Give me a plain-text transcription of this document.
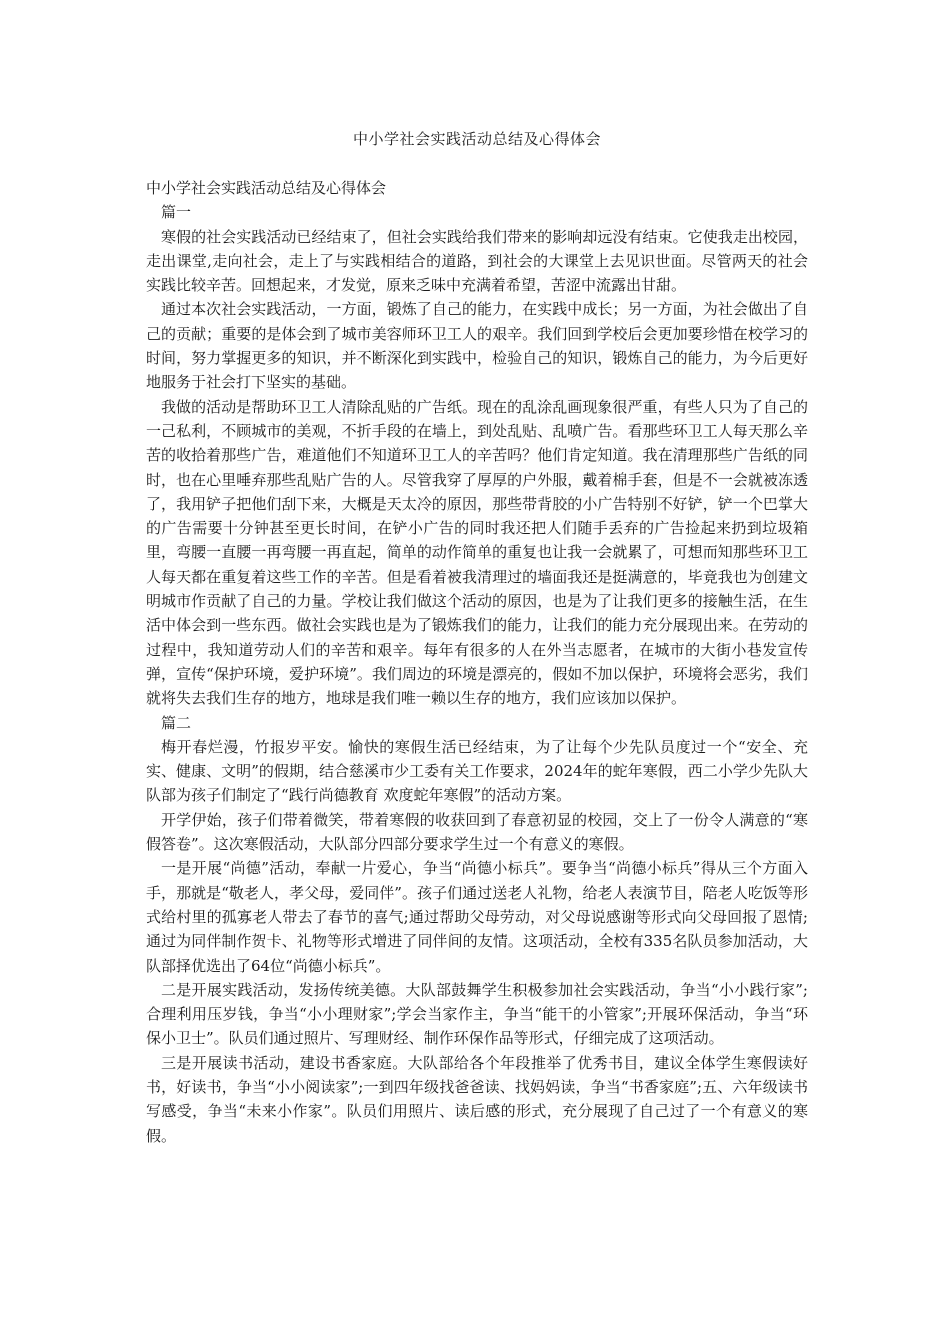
中小学社会实践活动总结及心得体会

中小学社会实践活动总结及心得体会

篇一

寒假的社会实践活动已经结束了，但社会实践给我们带来的影响却远没有结束。它使我走出校园，走出课堂,走向社会，走上了与实践相结合的道路，到社会的大课堂上去见识世面。尽管两天的社会实践比较辛苦。回想起来，才发觉，原来乏味中充满着希望，苦涩中流露出甘甜。

通过本次社会实践活动，一方面，锻炼了自己的能力，在实践中成长；另一方面，为社会做出了自己的贡献；重要的是体会到了城市美容师环卫工人的艰辛。我们回到学校后会更加要珍惜在校学习的时间，努力掌握更多的知识，并不断深化到实践中，检验自己的知识，锻炼自己的能力，为今后更好地服务于社会打下坚实的基础。

我做的活动是帮助环卫工人清除乱贴的广告纸。现在的乱涂乱画现象很严重，有些人只为了自己的一己私利，不顾城市的美观，不折手段的在墙上，到处乱贴、乱喷广告。看那些环卫工人每天那么辛苦的收拾着那些广告，难道他们不知道环卫工人的辛苦吗？他们肯定知道。我在清理那些广告纸的同时，也在心里唾弃那些乱贴广告的人。尽管我穿了厚厚的户外服，戴着棉手套，但是不一会就被冻透了，我用铲子把他们刮下来，大概是天太冷的原因，那些带背胶的小广告特别不好铲，铲一个巴掌大的广告需要十分钟甚至更长时间，在铲小广告的同时我还把人们随手丢弃的广告捡起来扔到垃圾箱里，弯腰一直腰一再弯腰一再直起，简单的动作简单的重复也让我一会就累了，可想而知那些环卫工人每天都在重复着这些工作的辛苦。但是看着被我清理过的墙面我还是挺满意的，毕竟我也为创建文明城市作贡献了自己的力量。学校让我们做这个活动的原因，也是为了让我们更多的接触生活，在生活中体会到一些东西。做社会实践也是为了锻炼我们的能力，让我们的能力充分展现出来。在劳动的过程中，我知道劳动人们的辛苦和艰辛。每年有很多的人在外当志愿者，在城市的大街小巷发宣传弹，宣传“保护环境，爱护环境”。我们周边的环境是漂亮的，假如不加以保护，环境将会恶劣，我们就将失去我们生存的地方，地球是我们唯一赖以生存的地方，我们应该加以保护。

篇二

梅开春烂漫，竹报岁平安。愉快的寒假生活已经结束，为了让每个少先队员度过一个“安全、充实、健康、文明”的假期，结合慈溪市少工委有关工作要求，2024年的蛇年寒假，西二小学少先队大队部为孩子们制定了“践行尚德教育 欢度蛇年寒假”的活动方案。

开学伊始，孩子们带着微笑，带着寒假的收获回到了春意初显的校园，交上了一份令人满意的“寒假答卷”。这次寒假活动，大队部分四部分要求学生过一个有意义的寒假。

一是开展“尚德”活动，奉献一片爱心，争当“尚德小标兵”。要争当“尚德小标兵”得从三个方面入手，那就是“敬老人，孝父母，爱同伴”。孩子们通过送老人礼物，给老人表演节目，陪老人吃饭等形式给村里的孤寡老人带去了春节的喜气;通过帮助父母劳动，对父母说感谢等形式向父母回报了恩情;通过为同伴制作贺卡、礼物等形式增进了同伴间的友情。这项活动，全校有335名队员参加活动，大队部择优选出了64位“尚德小标兵”。

二是开展实践活动，发扬传统美德。大队部鼓舞学生积极参加社会实践活动，争当“小小践行家”;合理利用压岁钱，争当“小小理财家”;学会当家作主，争当“能干的小管家”;开展环保活动，争当“环保小卫士”。队员们通过照片、写理财经、制作环保作品等形式，仔细完成了这项活动。

三是开展读书活动，建设书香家庭。大队部给各个年段推举了优秀书目，建议全体学生寒假读好书，好读书，争当“小小阅读家”;一到四年级找爸爸读、找妈妈读，争当“书香家庭”;五、六年级读书写感受，争当“未来小作家”。队员们用照片、读后感的形式，充分展现了自己过了一个有意义的寒假。
